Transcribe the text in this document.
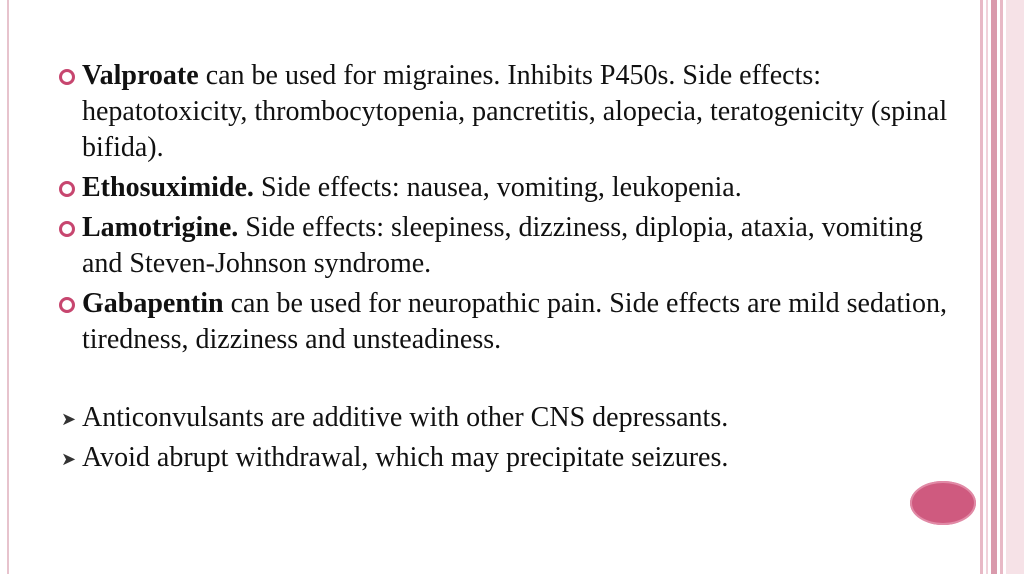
Valproate can be used for migraines. Inhibits P450s. Side effects: hepatotoxicity, thrombocytopenia, pancretitis, alopecia, teratogenicity (spinal bifida).
Ethosuximide. Side effects: nausea, vomiting, leukopenia.
Lamotrigine. Side effects: sleepiness, dizziness, diplopia, ataxia, vomiting and Steven-Johnson syndrome.
Gabapentin can be used for neuropathic pain. Side effects are mild sedation, tiredness, dizziness and unsteadiness.
➤ Anticonvulsants are additive with other CNS depressants.
➤ Avoid abrupt withdrawal, which may precipitate seizures.
